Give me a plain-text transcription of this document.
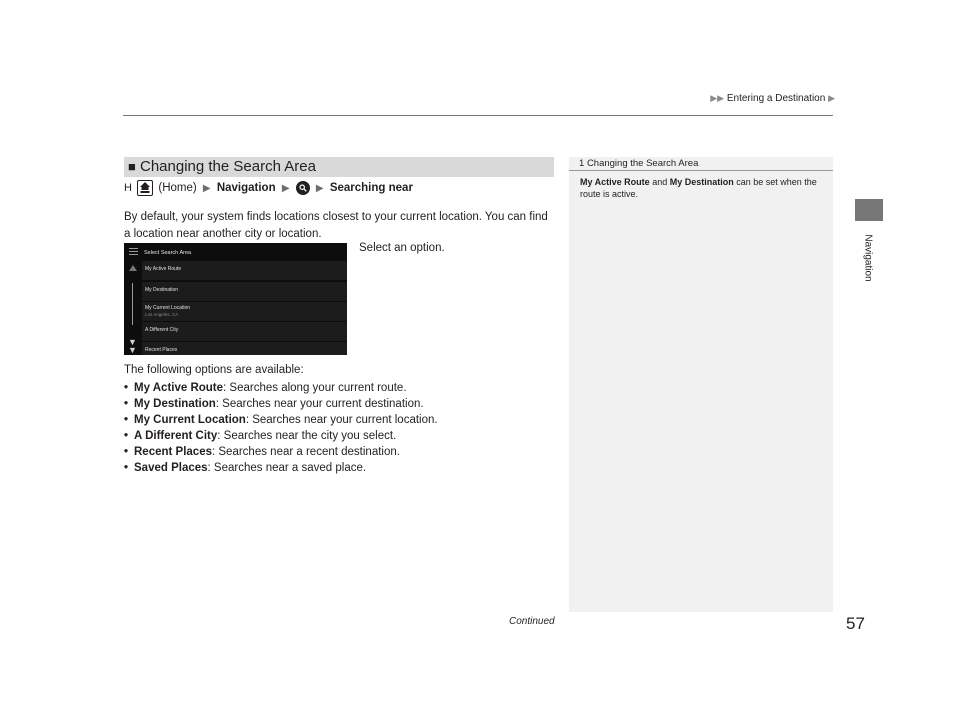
▶▶ Entering a Destination ▶
Navigation
■ Changing the Search Area
H (Home) ▶ Navigation ▶	▶ Searching near
By default, your system finds locations closest to your current location. You can find a location near another city or location.
Select an option.
▼
▼
Select Search Area
My Active Route
My Destination
My Current Location
Los Angeles, CA
A Different City
Recent Places
The following options are available:
• My Active Route: Searches along your current route.
• My Destination: Searches near your current destination.
• My Current Location: Searches near your current location.
• A Different City: Searches near the city you select.
• Recent Places: Searches near a recent destination.
• Saved Places: Searches near a saved place.
1 Changing the Search Area
My Active Route and My Destination can be set when the route is active.
Continued	57
